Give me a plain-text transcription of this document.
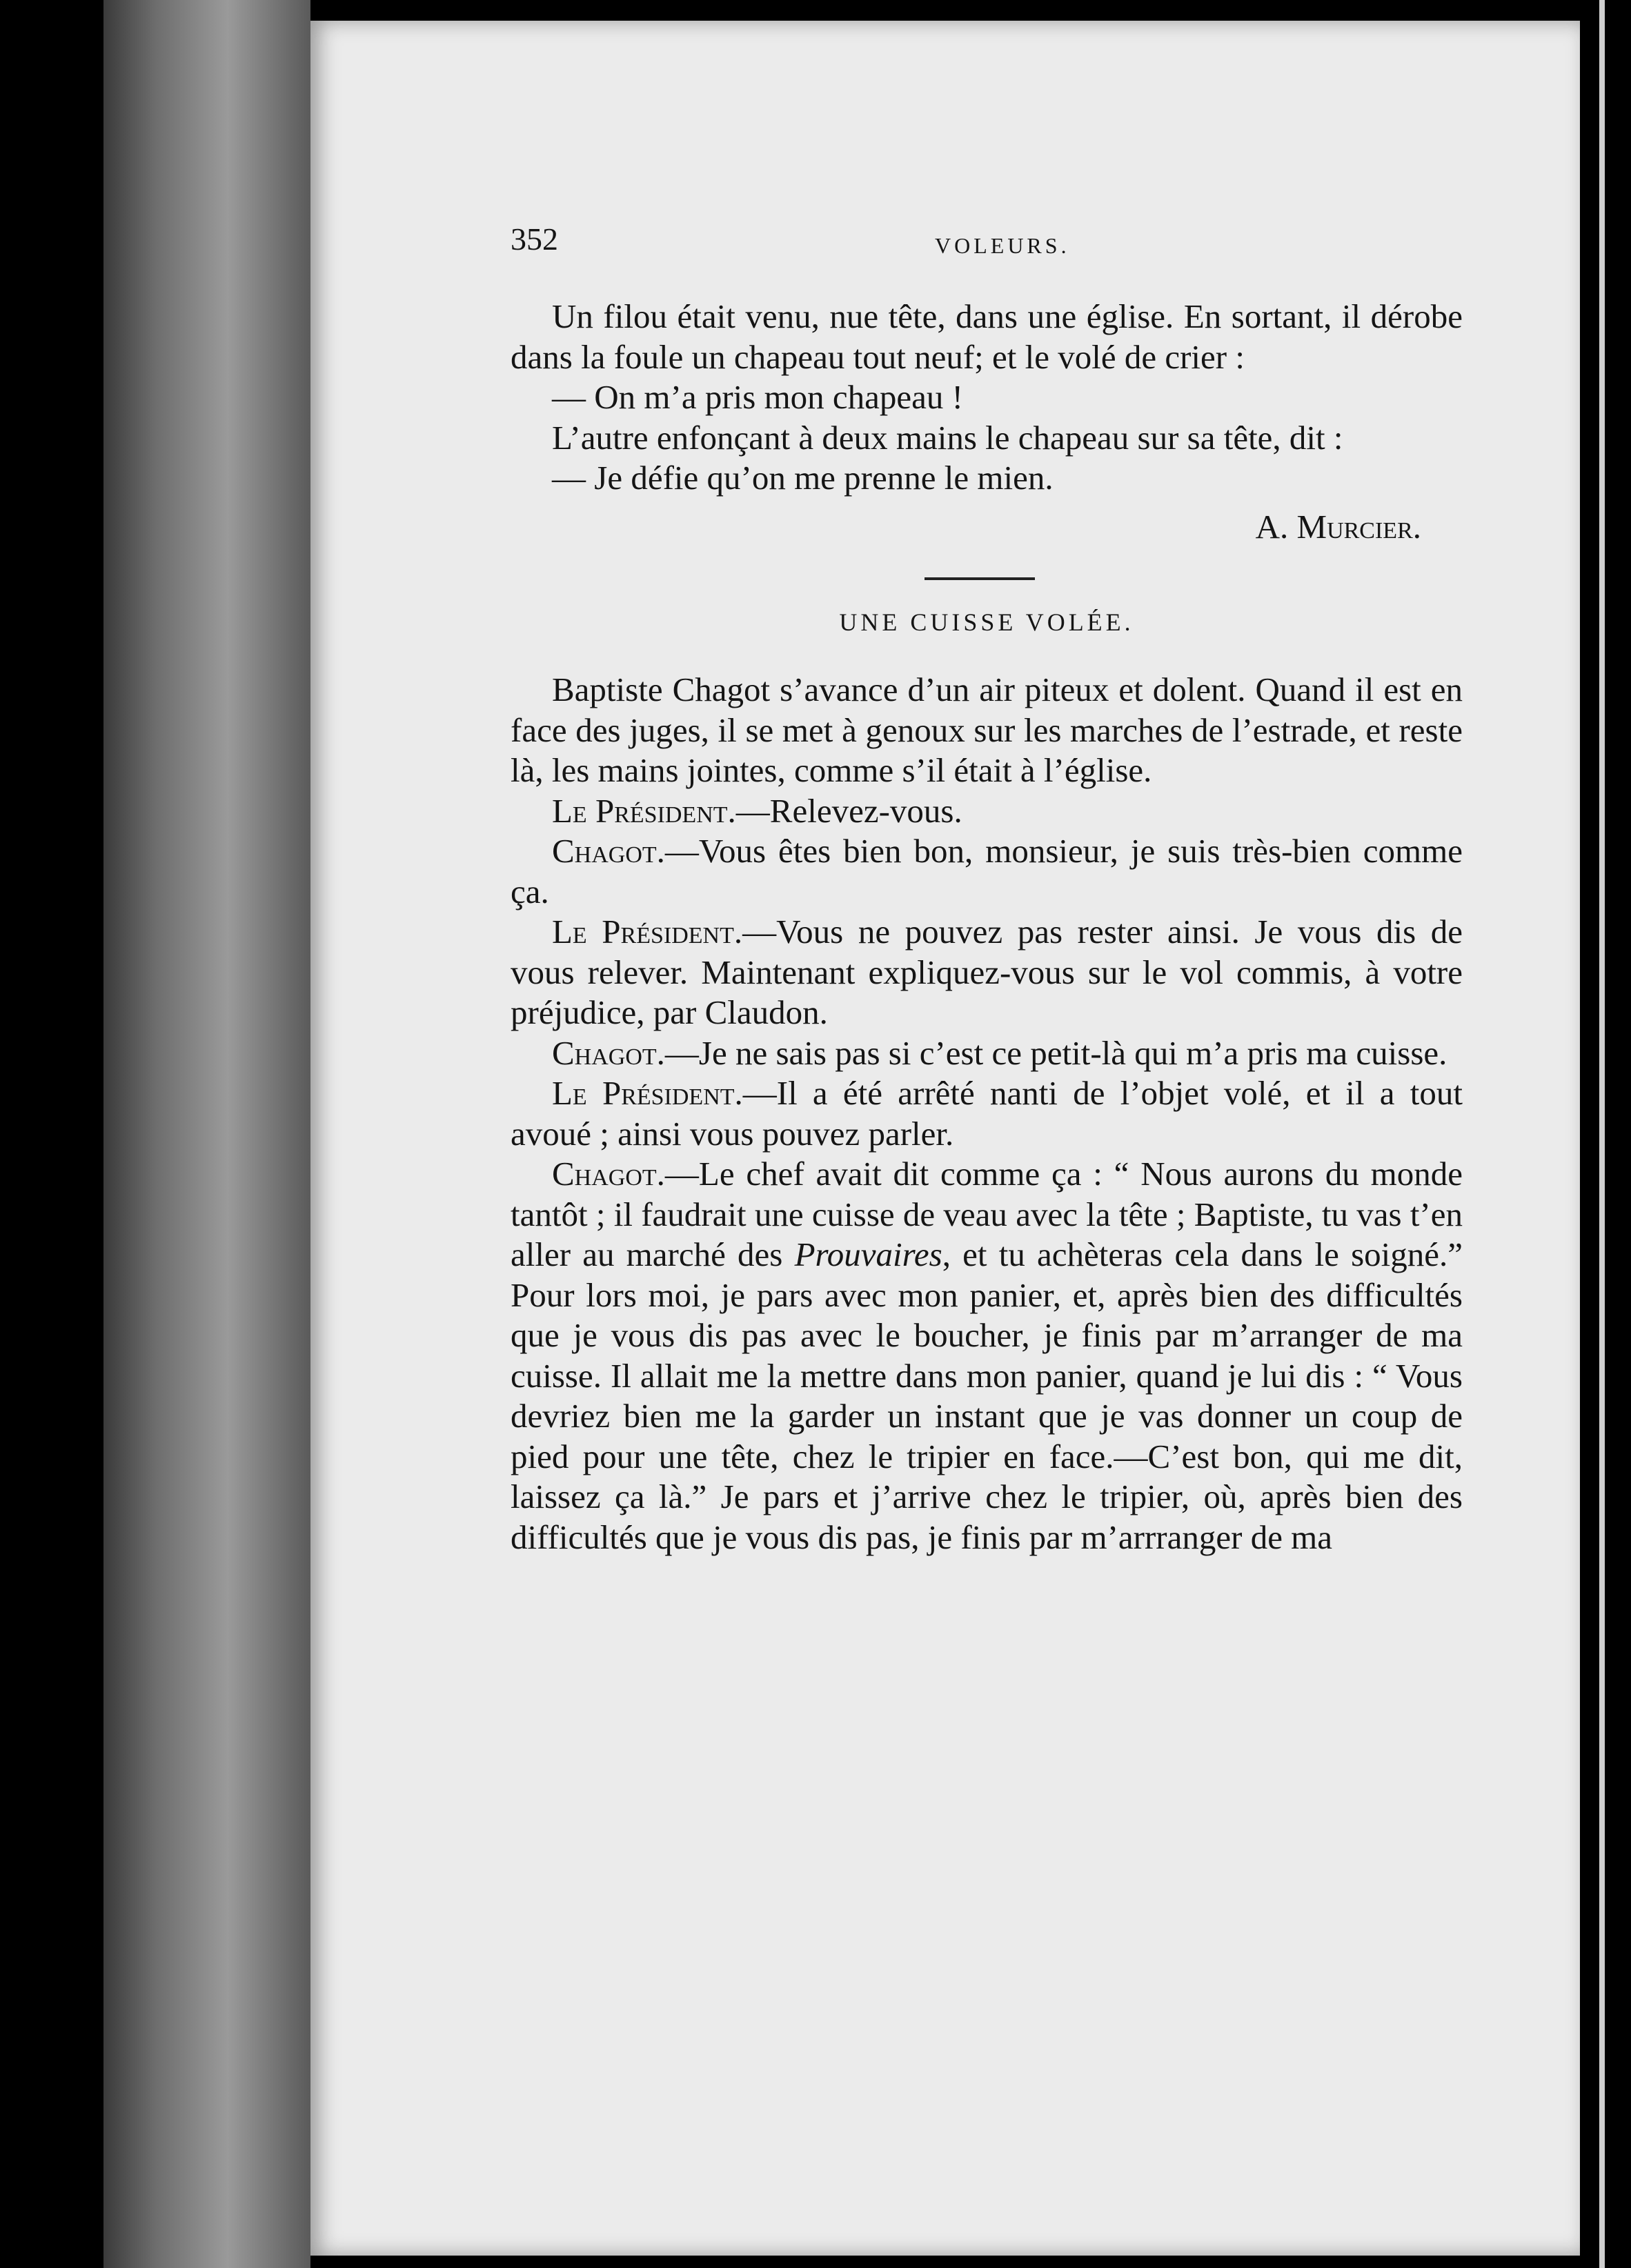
352	VOLEURS.

Un filou était venu, nue tête, dans une église. En sortant, il dérobe dans la foule un chapeau tout neuf; et le volé de crier :

— On m’a pris mon chapeau !

L’autre enfonçant à deux mains le chapeau sur sa tête, dit :

— Je défie qu’on me prenne le mien.

A. Murcier.

UNE CUISSE VOLÉE.

Baptiste Chagot s’avance d’un air piteux et dolent. Quand il est en face des juges, il se met à genoux sur les marches de l’estrade, et reste là, les mains jointes, comme s’il était à l’église.

Le Président.—Relevez-vous.

Chagot.—Vous êtes bien bon, monsieur, je suis très-bien comme ça.

Le Président.—Vous ne pouvez pas rester ainsi. Je vous dis de vous relever. Maintenant expliquez-vous sur le vol commis, à votre préjudice, par Claudon.

Chagot.—Je ne sais pas si c’est ce petit-là qui m’a pris ma cuisse.

Le Président.—Il a été arrêté nanti de l’objet volé, et il a tout avoué ; ainsi vous pouvez parler.

Chagot.—Le chef avait dit comme ça : “ Nous aurons du monde tantôt ; il faudrait une cuisse de veau avec la tête ; Baptiste, tu vas t’en aller au marché des Prouvaires, et tu achèteras cela dans le soigné.” Pour lors moi, je pars avec mon panier, et, après bien des difficultés que je vous dis pas avec le boucher, je finis par m’arranger de ma cuisse. Il allait me la mettre dans mon panier, quand je lui dis : “ Vous devriez bien me la garder un instant que je vas donner un coup de pied pour une tête, chez le tripier en face.—C’est bon, qui me dit, laissez ça là.” Je pars et j’arrive chez le tripier, où, après bien des difficultés que je vous dis pas, je finis par m’arrranger de ma
